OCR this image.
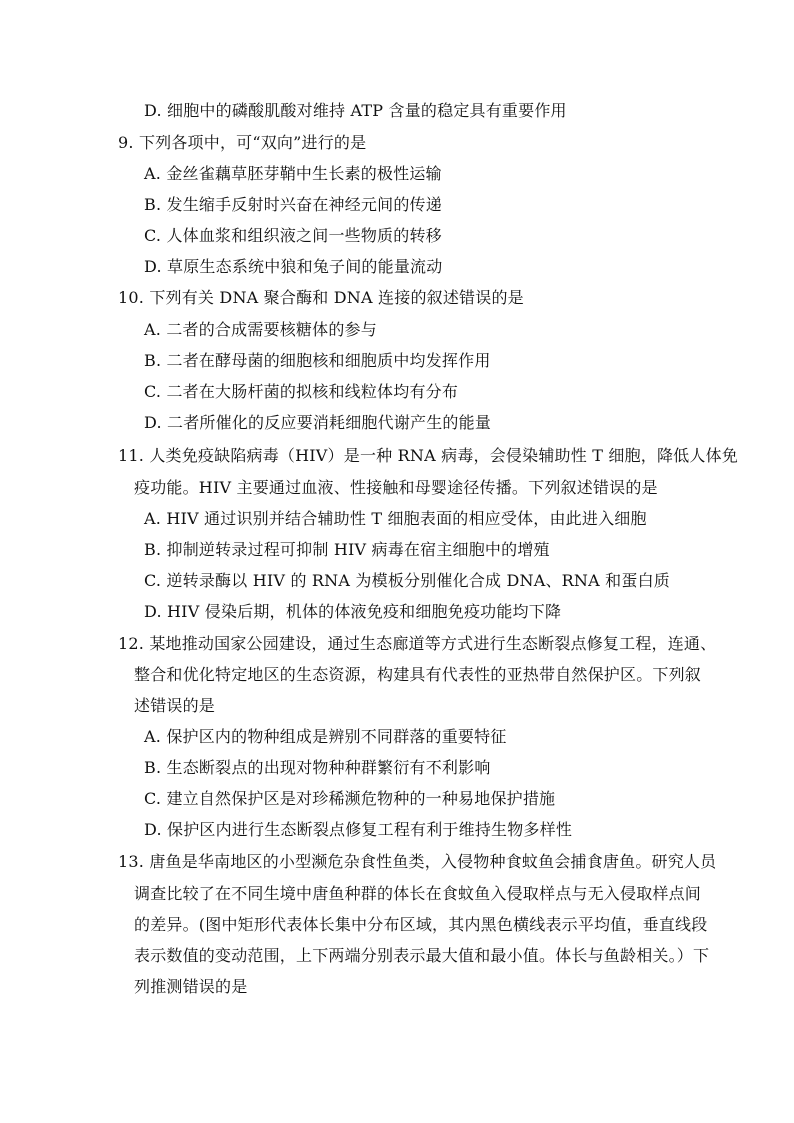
D. 细胞中的磷酸肌酸对维持 ATP 含量的稳定具有重要作用
9. 下列各项中，可“双向”进行的是
A. 金丝雀藕草胚芽鞘中生长素的极性运输
B. 发生缩手反射时兴奋在神经元间的传递
C. 人体血浆和组织液之间一些物质的转移
D. 草原生态系统中狼和兔子间的能量流动
10. 下列有关 DNA 聚合酶和 DNA 连接的叙述错误的是
A. 二者的合成需要核糖体的参与
B. 二者在酵母菌的细胞核和细胞质中均发挥作用
C. 二者在大肠杆菌的拟核和线粒体均有分布
D. 二者所催化的反应要消耗细胞代谢产生的能量
11. 人类免疫缺陷病毒（HIV）是一种 RNA 病毒，会侵染辅助性 T 细胞，降低人体免
疫功能。HIV 主要通过血液、性接触和母婴途径传播。下列叙述错误的是
A. HIV 通过识别并结合辅助性 T 细胞表面的相应受体，由此进入细胞
B. 抑制逆转录过程可抑制 HIV 病毒在宿主细胞中的增殖
C. 逆转录酶以 HIV 的 RNA 为模板分别催化合成 DNA、RNA 和蛋白质
D. HIV 侵染后期，机体的体液免疫和细胞免疫功能均下降
12. 某地推动国家公园建设，通过生态廊道等方式进行生态断裂点修复工程，连通、
整合和优化特定地区的生态资源，构建具有代表性的亚热带自然保护区。下列叙
述错误的是
A. 保护区内的物种组成是辨别不同群落的重要特征
B. 生态断裂点的出现对物种种群繁衍有不利影响
C. 建立自然保护区是对珍稀濒危物种的一种易地保护措施
D. 保护区内进行生态断裂点修复工程有利于维持生物多样性
13. 唐鱼是华南地区的小型濒危杂食性鱼类，入侵物种食蚊鱼会捕食唐鱼。研究人员
调查比较了在不同生境中唐鱼种群的体长在食蚊鱼入侵取样点与无入侵取样点间
的差异。(图中矩形代表体长集中分布区域，其内黑色横线表示平均值，垂直线段
表示数值的变动范围，上下两端分别表示最大值和最小值。体长与鱼龄相关。）下
列推测错误的是
